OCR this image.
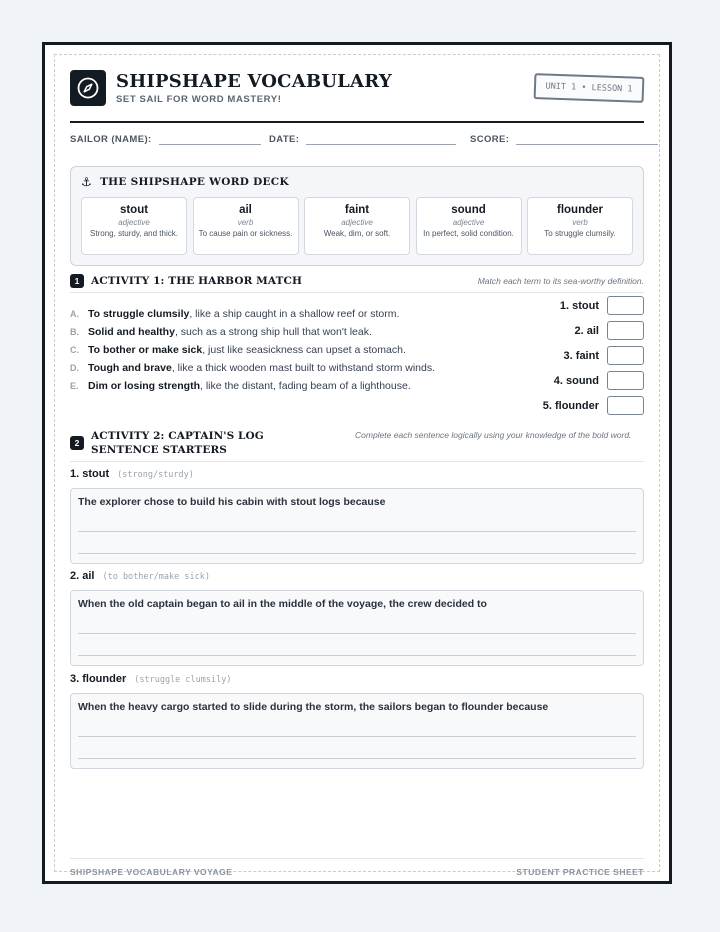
SHIPSHAPE VOCABULARY
SET SAIL FOR WORD MASTERY!
UNIT 1 • LESSON 1
SAILOR (NAME):	DATE:	SCORE:
⚓ THE SHIPSHAPE WORD DECK
stout
adjective
Strong, sturdy, and thick.
ail
verb
To cause pain or sickness.
faint
adjective
Weak, dim, or soft.
sound
adjective
In perfect, solid condition.
flounder
verb
To struggle clumsily.
1	ACTIVITY 1: THE HARBOR MATCH	Match each term to its sea-worthy definition.
A. To struggle clumsily, like a ship caught in a shallow reef or storm.
B. Solid and healthy, such as a strong ship hull that won't leak.
C. To bother or make sick, just like seasickness can upset a stomach.
D. Tough and brave, like a thick wooden mast built to withstand storm winds.
E. Dim or losing strength, like the distant, fading beam of a lighthouse.
1. stout
2. ail
3. faint
4. sound
5. flounder
2
ACTIVITY 2: CAPTAIN'S LOG SENTENCE STARTERS
Complete each sentence logically using your knowledge of the bold word.
1. stout (strong/sturdy)
The explorer chose to build his cabin with stout logs because
2. ail (to bother/make sick)
When the old captain began to ail in the middle of the voyage, the crew decided to
3. flounder (struggle clumsily)
When the heavy cargo started to slide during the storm, the sailors began to flounder because
SHIPSHAPE VOCABULARY VOYAGE	STUDENT PRACTICE SHEET
